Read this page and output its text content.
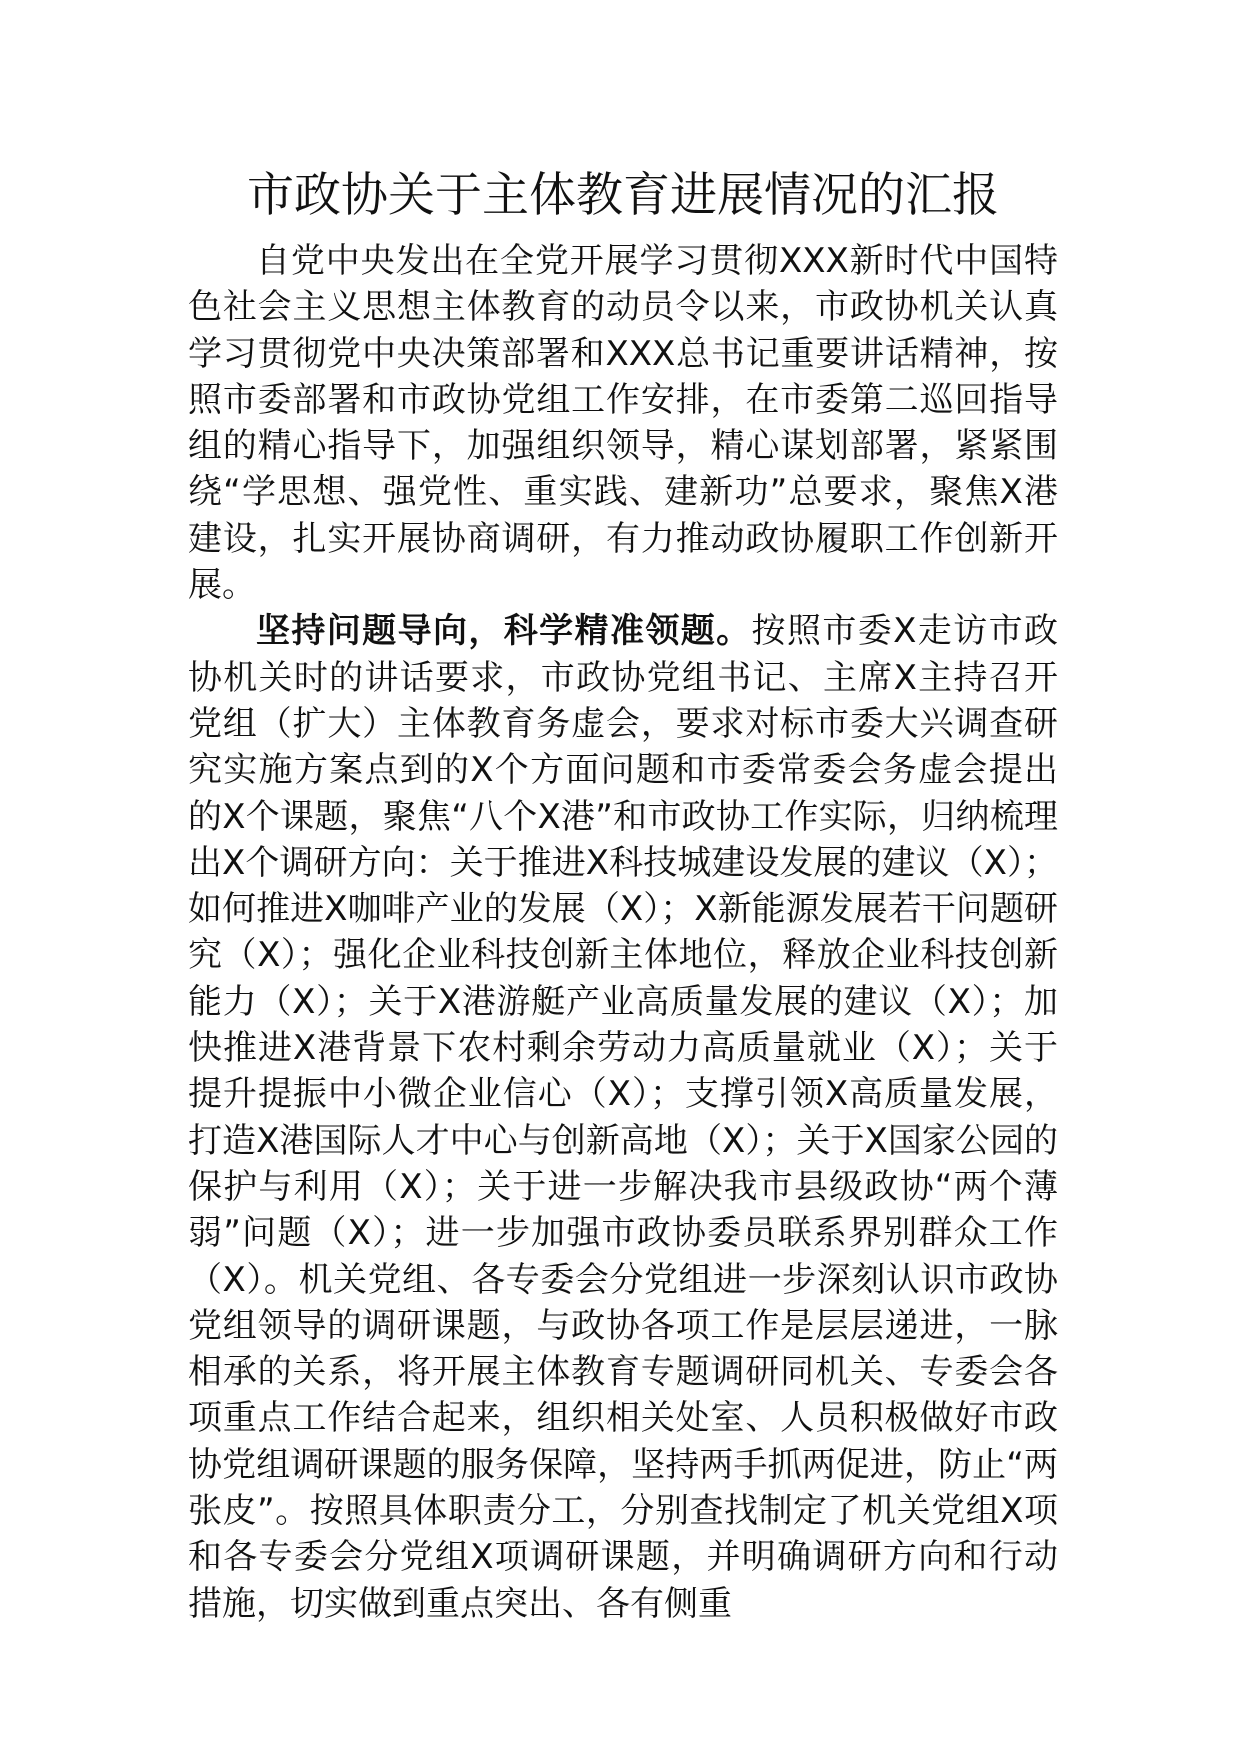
市政协关于主体教育进展情况的汇报

自党中央发出在全党开展学习贯彻XXX新时代中国特色社会主义思想主体教育的动员令以来，市政协机关认真学习贯彻党中央决策部署和XXX总书记重要讲话精神，按照市委部署和市政协党组工作安排，在市委第二巡回指导组的精心指导下，加强组织领导，精心谋划部署，紧紧围绕“学思想、强党性、重实践、建新功”总要求，聚焦X港建设，扎实开展协商调研，有力推动政协履职工作创新开展。

坚持问题导向，科学精准领题。按照市委X走访市政协机关时的讲话要求，市政协党组书记、主席X主持召开党组（扩大）主体教育务虚会，要求对标市委大兴调查研究实施方案点到的X个方面问题和市委常委会务虚会提出的X个课题，聚焦“八个X港”和市政协工作实际，归纳梳理出X个调研方向：关于推进X科技城建设发展的建议（X）；如何推进X咖啡产业的发展（X）；X新能源发展若干问题研究（X）；强化企业科技创新主体地位，释放企业科技创新能力（X）；关于X港游艇产业高质量发展的建议（X）；加快推进X港背景下农村剩余劳动力高质量就业（X）；关于提升提振中小微企业信心（X）；支撑引领X高质量发展，打造X港国际人才中心与创新高地（X）；关于X国家公园的保护与利用（X）；关于进一步解决我市县级政协“两个薄弱”问题（X）；进一步加强市政协委员联系界别群众工作（X）。机关党组、各专委会分党组进一步深刻认识市政协党组领导的调研课题，与政协各项工作是层层递进，一脉相承的关系，将开展主体教育专题调研同机关、专委会各项重点工作结合起来，组织相关处室、人员积极做好市政协党组调研课题的服务保障，坚持两手抓两促进，防止“两张皮”。按照具体职责分工，分别查找制定了机关党组X项和各专委会分党组X项调研课题，并明确调研方向和行动措施，切实做到重点突出、各有侧重
